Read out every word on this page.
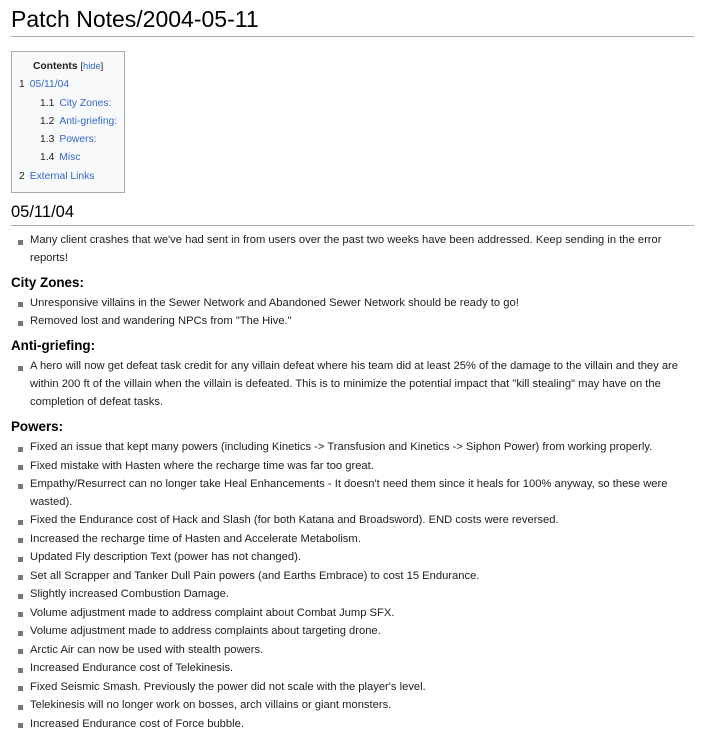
Patch Notes/2004-05-11
Contents [hide]
1 05/11/04
1.1 City Zones:
1.2 Anti-griefing:
1.3 Powers:
1.4 Misc
2 External Links
05/11/04
Many client crashes that we've had sent in from users over the past two weeks have been addressed. Keep sending in the error reports!
City Zones:
Unresponsive villains in the Sewer Network and Abandoned Sewer Network should be ready to go!
Removed lost and wandering NPCs from "The Hive."
Anti-griefing:
A hero will now get defeat task credit for any villain defeat where his team did at least 25% of the damage to the villain and they are within 200 ft of the villain when the villain is defeated. This is to minimize the potential impact that "kill stealing" may have on the completion of defeat tasks.
Powers:
Fixed an issue that kept many powers (including Kinetics -> Transfusion and Kinetics -> Siphon Power) from working properly.
Fixed mistake with Hasten where the recharge time was far too great.
Empathy/Resurrect can no longer take Heal Enhancements - It doesn't need them since it heals for 100% anyway, so these were wasted).
Fixed the Endurance cost of Hack and Slash (for both Katana and Broadsword). END costs were reversed.
Increased the recharge time of Hasten and Accelerate Metabolism.
Updated Fly description Text (power has not changed).
Set all Scrapper and Tanker Dull Pain powers (and Earths Embrace) to cost 15 Endurance.
Slightly increased Combustion Damage.
Volume adjustment made to address complaint about Combat Jump SFX.
Volume adjustment made to address complaints about targeting drone.
Arctic Air can now be used with stealth powers.
Increased Endurance cost of Telekinesis.
Fixed Seismic Smash. Previously the power did not scale with the player's level.
Telekinesis will no longer work on bosses, arch villains or giant monsters.
Increased Endurance cost of Force bubble.
